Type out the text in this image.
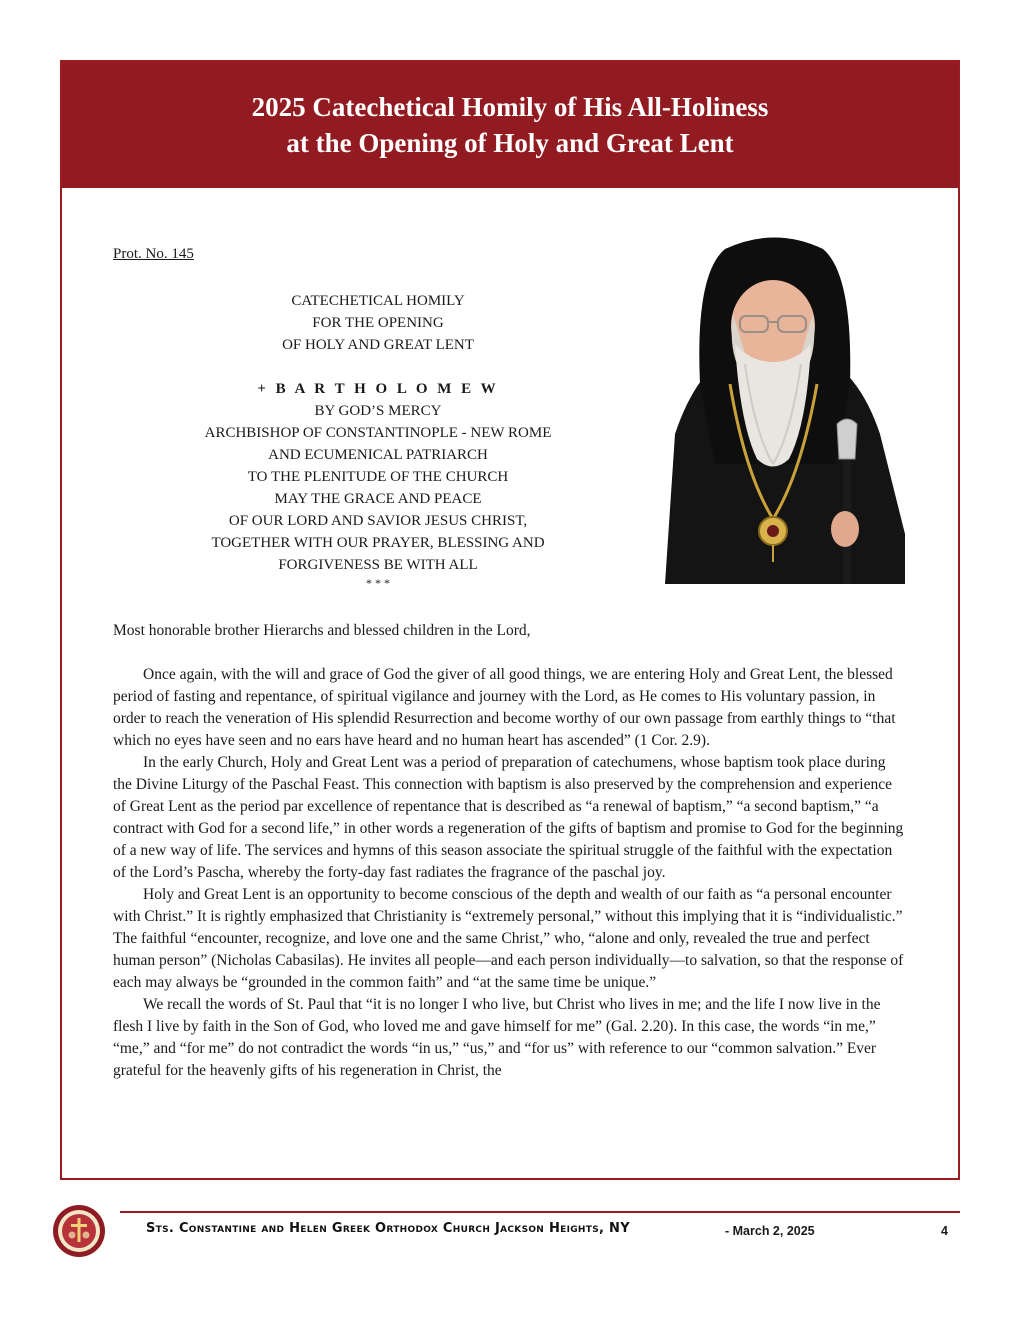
2025 Catechetical Homily of His All-Holiness
at the Opening of Holy and Great Lent
Prot. No. 145
CATECHETICAL HOMILY
FOR THE OPENING
OF HOLY AND GREAT LENT
+ B A R T H O L O M E W
BY GOD’S MERCY
ARCHBISHOP OF CONSTANTINOPLE - NEW ROME
AND ECUMENICAL PATRIARCH
TO THE PLENITUDE OF THE CHURCH
MAY THE GRACE AND PEACE
OF OUR LORD AND SAVIOR JESUS CHRIST,
TOGETHER WITH OUR PRAYER, BLESSING AND
FORGIVENESS BE WITH ALL
* * *

Most honorable brother Hierarchs and blessed children in the Lord,

Once again, with the will and grace of God the giver of all good things, we are entering Holy and Great Lent, the blessed period of fasting and repentance, of spiritual vigilance and journey with the Lord, as He comes to His voluntary passion, in order to reach the veneration of His splendid Resurrection and become worthy of our own passage from earthly things to “that which no eyes have seen and no ears have heard and no human heart has ascended” (1 Cor. 2.9).

In the early Church, Holy and Great Lent was a period of preparation of catechumens, whose baptism took place during the Divine Liturgy of the Paschal Feast. This connection with baptism is also preserved by the comprehension and experience of Great Lent as the period par excellence of repentance that is described as “a renewal of baptism,” “a second baptism,” “a contract with God for a second life,” in other words a regeneration of the gifts of baptism and promise to God for the beginning of a new way of life. The services and hymns of this season associate the spiritual struggle of the faithful with the expectation of the Lord’s Pascha, whereby the forty-day fast radiates the fragrance of the paschal joy.

Holy and Great Lent is an opportunity to become conscious of the depth and wealth of our faith as “a personal encounter with Christ.” It is rightly emphasized that Christianity is “extremely personal,” without this implying that it is “individualistic.” The faithful “encounter, recognize, and love one and the same Christ,” who, “alone and only, revealed the true and perfect human person” (Nicholas Cabasilas). He invites all people—and each person individually—to salvation, so that the response of each may always be “grounded in the common faith” and “at the same time be unique.”

We recall the words of St. Paul that “it is no longer I who live, but Christ who lives in me; and the life I now live in the flesh I live by faith in the Son of God, who loved me and gave himself for me” (Gal. 2.20). In this case, the words “in me,” “me,” and “for me” do not contradict the words “in us,” “us,” and “for us” with reference to our “common salvation.” Ever grateful for the heavenly gifts of his regeneration in Christ, the

Sts. Constantine and Helen Greek Orthodox Church Jackson Heights, NY	- March 2, 2025	4
